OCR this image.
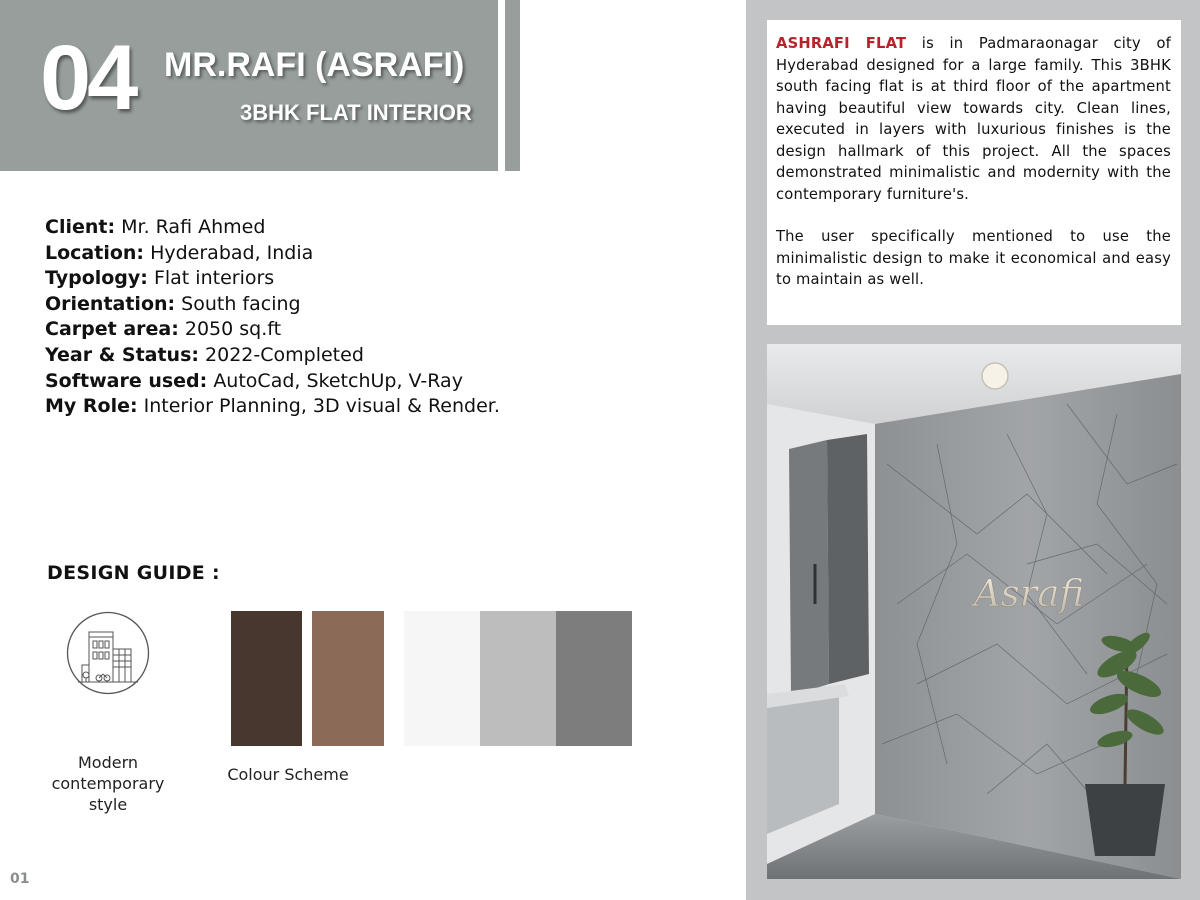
04 MR.RAFI (ASRAFI)
3BHK FLAT INTERIOR
Client: Mr. Rafi Ahmed
Location: Hyderabad, India
Typology: Flat interiors
Orientation: South facing
Carpet area: 2050 sq.ft
Year & Status: 2022-Completed
Software used: AutoCad, SketchUp, V-Ray
My Role: Interior Planning, 3D visual & Render.
DESIGN GUIDE :
Modern contemporary style
Colour Scheme
01

ASHRAFI FLAT is in Padmaraonagar city of Hyderabad designed for a large family. This 3BHK south facing flat is at third floor of the apartment having beautiful view towards city. Clean lines, executed in layers with luxurious finishes is the design hallmark of this project. All the spaces demonstrated minimalistic and modernity with the contemporary furniture's.

The user specifically mentioned to use the minimalistic design to make it economical and easy to maintain as well.

Asrafi
